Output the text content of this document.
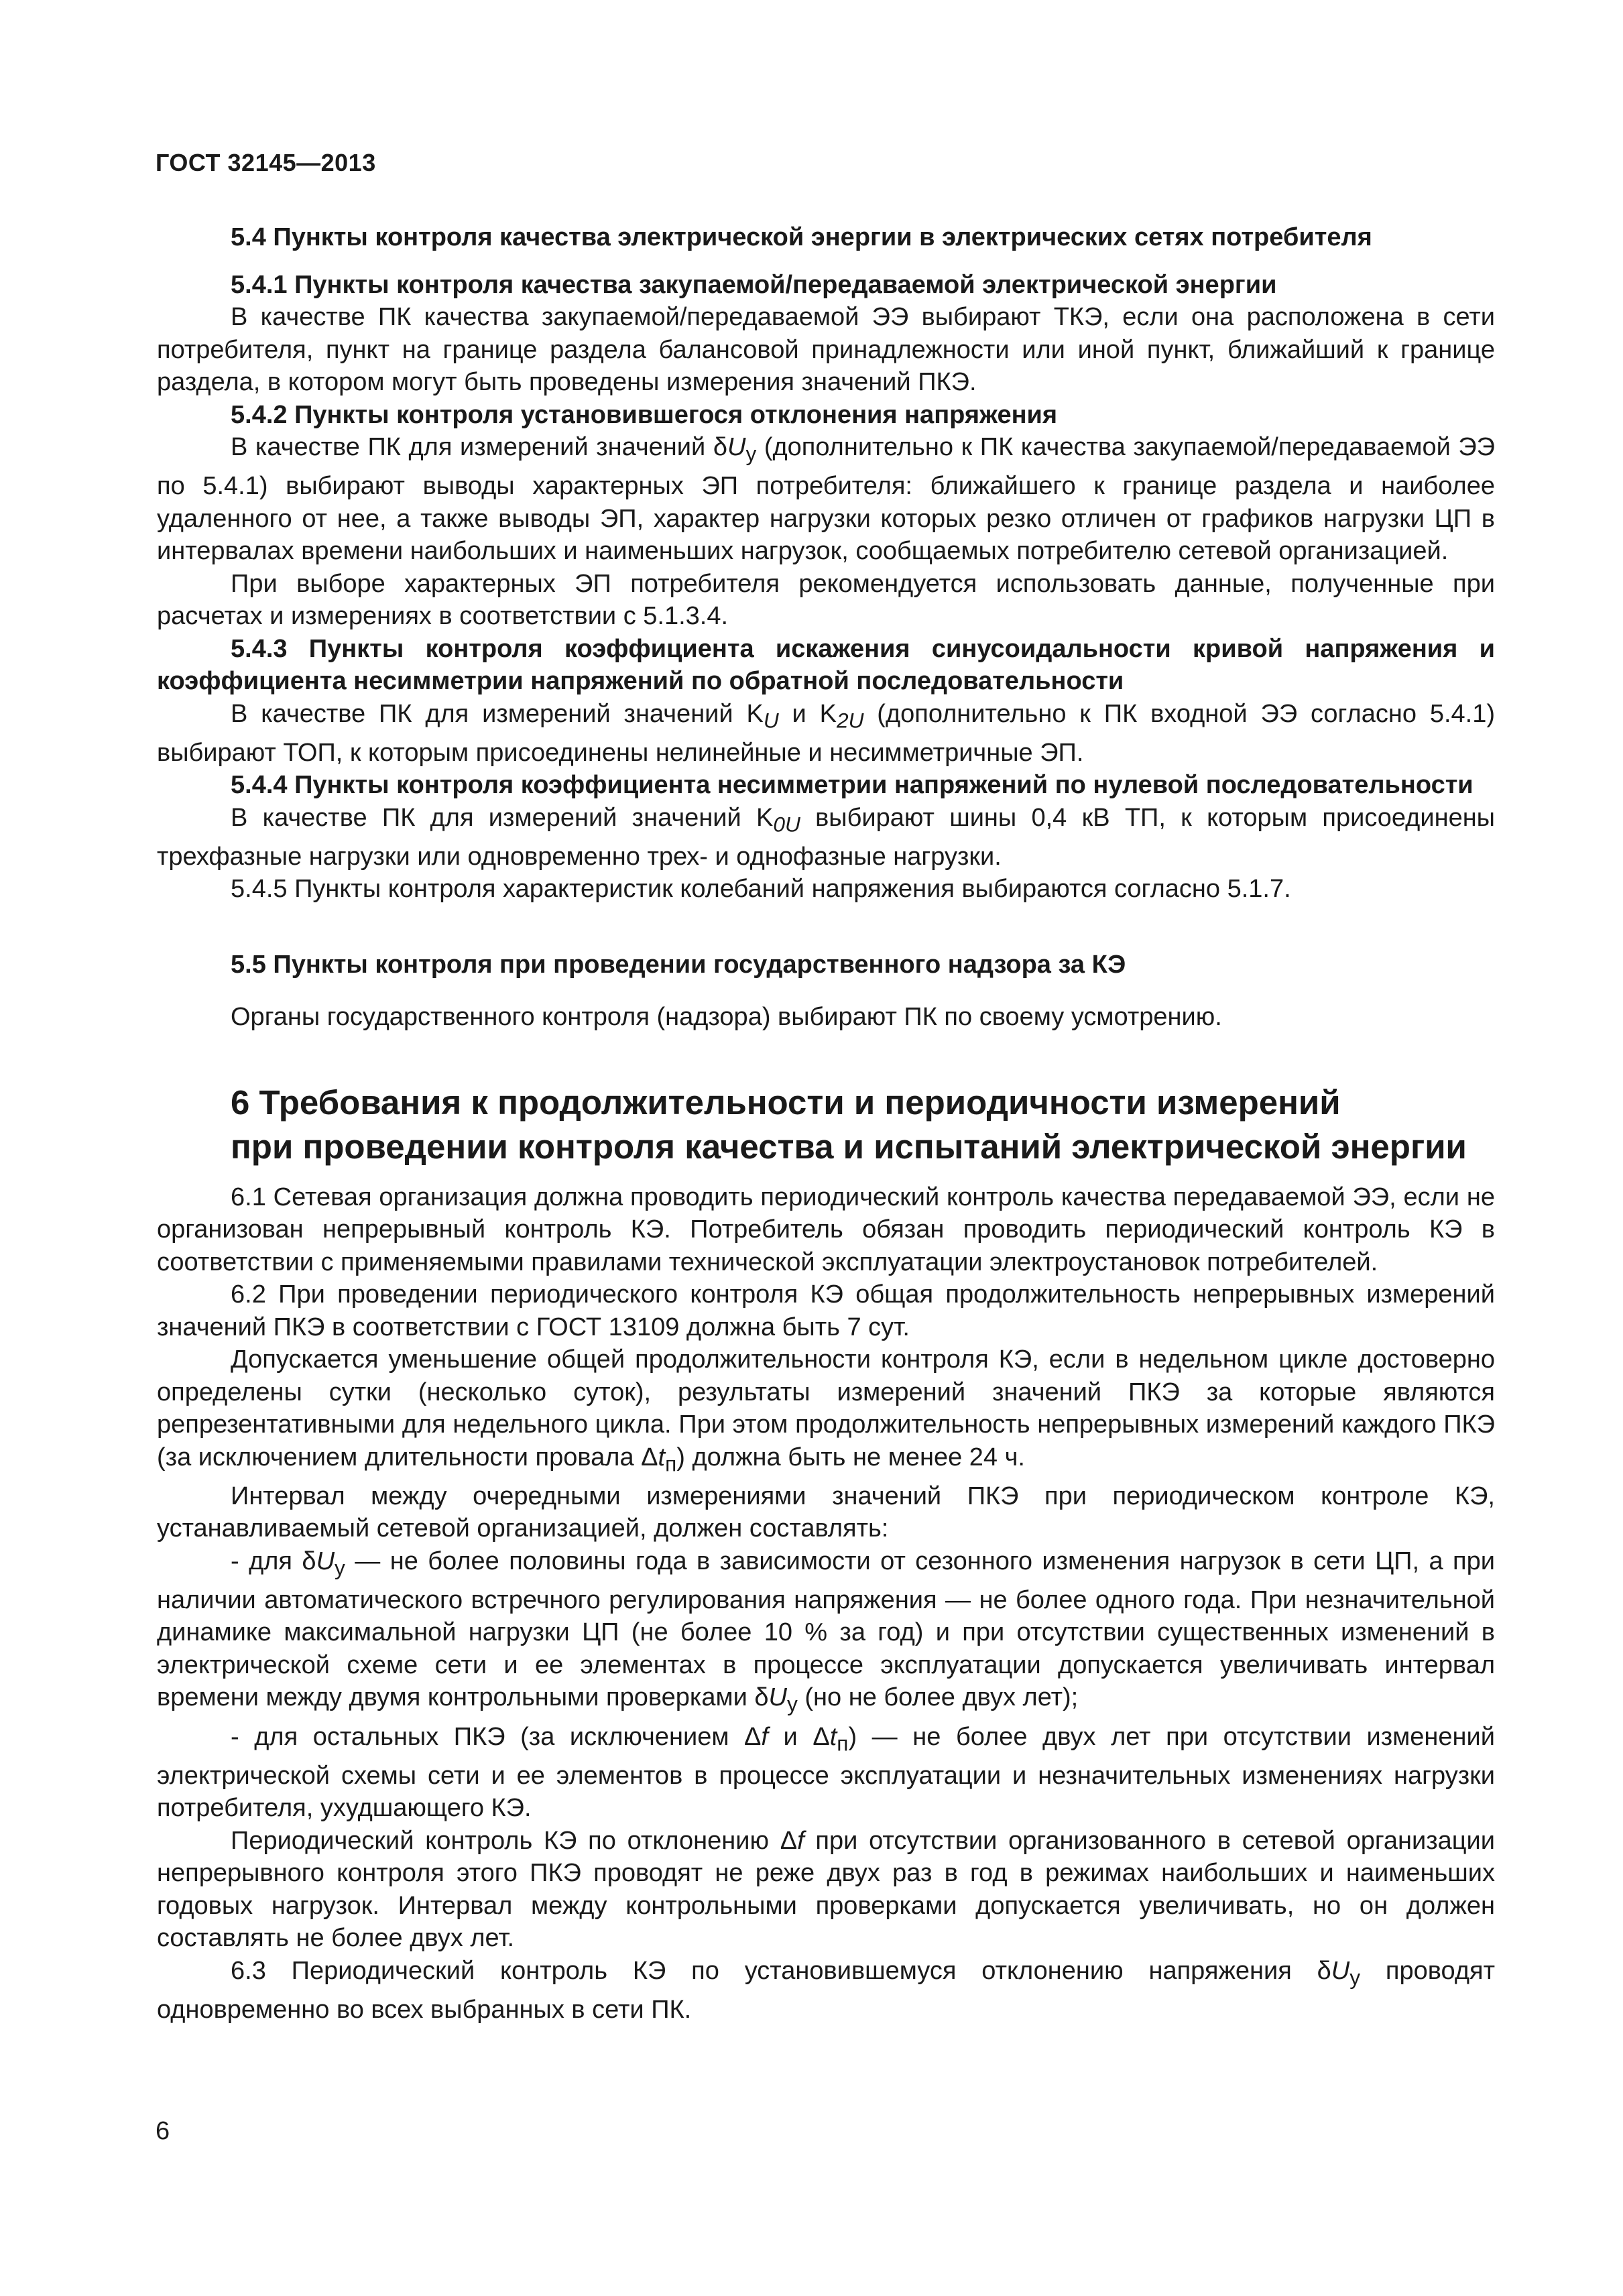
ГОСТ 32145—2013

5.4 Пункты контроля качества электрической энергии в электрических сетях потребителя

5.4.1 Пункты контроля качества закупаемой/передаваемой электрической энергии

В качестве ПК качества закупаемой/передаваемой ЭЭ выбирают ТКЭ, если она расположена в сети потребителя, пункт на границе раздела балансовой принадлежности или иной пункт, ближайший к границе раздела, в котором могут быть проведены измерения значений ПКЭ.

5.4.2 Пункты контроля установившегося отклонения напряжения

В качестве ПК для измерений значений $\delta U_у$ (дополнительно к ПК качества закупаемой/передаваемой ЭЭ по 5.4.1) выбирают выводы характерных ЭП потребителя: ближайшего к границе раздела и наиболее удаленного от нее, а также выводы ЭП, характер нагрузки которых резко отличен от графиков нагрузки ЦП в интервалах времени наибольших и наименьших нагрузок, сообщаемых потребителю сетевой организацией.

При выборе характерных ЭП потребителя рекомендуется использовать данные, полученные при расчетах и измерениях в соответствии с 5.1.3.4.

5.4.3 Пункты контроля коэффициента искажения синусоидальности кривой напряжения и коэффициента несимметрии напряжений по обратной последовательности

В качестве ПК для измерений значений $K_U$ и $K_{2U}$ (дополнительно к ПК входной ЭЭ согласно 5.4.1) выбирают ТОП, к которым присоединены нелинейные и несимметричные ЭП.

5.4.4 Пункты контроля коэффициента несимметрии напряжений по нулевой последовательности

В качестве ПК для измерений значений $K_{0U}$ выбирают шины 0,4 кВ ТП, к которым присоединены трехфазные нагрузки или одновременно трех- и однофазные нагрузки.

5.4.5 Пункты контроля характеристик колебаний напряжения выбираются согласно 5.1.7.

5.5 Пункты контроля при проведении государственного надзора за КЭ

Органы государственного контроля (надзора) выбирают ПК по своему усмотрению.

6 Требования к продолжительности и периодичности измерений
при проведении контроля качества и испытаний электрической энергии

6.1 Сетевая организация должна проводить периодический контроль качества передаваемой ЭЭ, если не организован непрерывный контроль КЭ. Потребитель обязан проводить периодический контроль КЭ в соответствии с применяемыми правилами технической эксплуатации электроустановок потребителей.

6.2 При проведении периодического контроля КЭ общая продолжительность непрерывных измерений значений ПКЭ в соответствии с ГОСТ 13109 должна быть 7 сут.

Допускается уменьшение общей продолжительности контроля КЭ, если в недельном цикле достоверно определены сутки (несколько суток), результаты измерений значений ПКЭ за которые являются репрезентативными для недельного цикла. При этом продолжительность непрерывных измерений каждого ПКЭ (за исключением длительности провала $\Delta t_п$) должна быть не менее 24 ч.

Интервал между очередными измерениями значений ПКЭ при периодическом контроле КЭ, устанавливаемый сетевой организацией, должен составлять:

- для $\delta U_у$ — не более половины года в зависимости от сезонного изменения нагрузок в сети ЦП, а при наличии автоматического встречного регулирования напряжения — не более одного года. При незначительной динамике максимальной нагрузки ЦП (не более 10 % за год) и при отсутствии существенных изменений в электрической схеме сети и ее элементах в процессе эксплуатации допускается увеличивать интервал времени между двумя контрольными проверками $\delta U_у$ (но не более двух лет);

- для остальных ПКЭ (за исключением Δf и $\Delta t_п$) — не более двух лет при отсутствии изменений электрической схемы сети и ее элементов в процессе эксплуатации и незначительных изменениях нагрузки потребителя, ухудшающего КЭ.

Периодический контроль КЭ по отклонению Δf при отсутствии организованного в сетевой организации непрерывного контроля этого ПКЭ проводят не реже двух раз в год в режимах наибольших и наименьших годовых нагрузок. Интервал между контрольными проверками допускается увеличивать, но он должен составлять не более двух лет.

6.3 Периодический контроль КЭ по установившемуся отклонению напряжения $\delta U_у$ проводят одновременно во всех выбранных в сети ПК.

6
